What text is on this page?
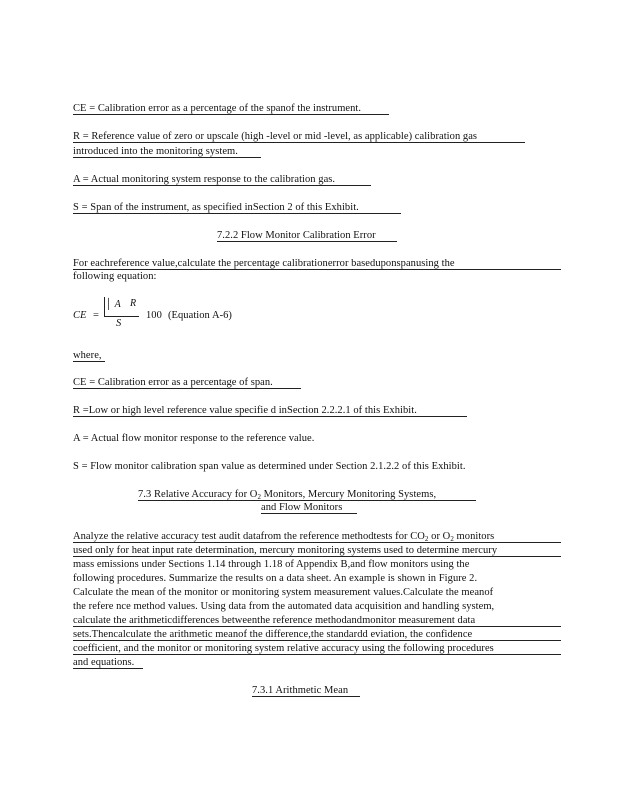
CE = Calibration error as a percentage of the spanof the instrument.
R = Reference value of zero or upscale (high -level or mid -level, as applicable) calibration gas
introduced into the monitoring system.
A = Actual monitoring system response to the calibration gas.
S = Span of the instrument, as specified inSection 2 of this Exhibit.
7.2.2 Flow Monitor Calibration Error
For eachreference value,calculate the percentage calibrationerror baseduponspanusing the
following equation:
CE =
│ A R
S
100 (Equation A-6)
where,
CE = Calibration error as a percentage of span.
R =Low or high level reference value specifie d inSection 2.2.2.1 of this Exhibit.
A = Actual flow monitor response to the reference value.
S = Flow monitor calibration span value as determined under Section 2.1.2.2 of this Exhibit.
7.3 Relative Accuracy for O2 Monitors, Mercury Monitoring Systems,
and Flow Monitors
Analyze the relative accuracy test audit datafrom the reference methodtests for CO2 or O2 monitors
used only for heat input rate determination, mercury monitoring systems used to determine mercury
mass emissions under Sections 1.14 through 1.18 of Appendix B,and flow monitors using the
following procedures. Summarize the results on a data sheet. An example is shown in Figure 2.
Calculate the mean of the monitor or monitoring system measurement values.Calculate the meanof
the refere nce method values. Using data from the automated data acquisition and handling system,
calculate the arithmeticdifferences betweenthe reference methodandmonitor measurement data
sets.Thencalculate the arithmetic meanof the difference,the standardd eviation, the confidence
coefficient, and the monitor or monitoring system relative accuracy using the following procedures
and equations.
7.3.1 Arithmetic Mean
